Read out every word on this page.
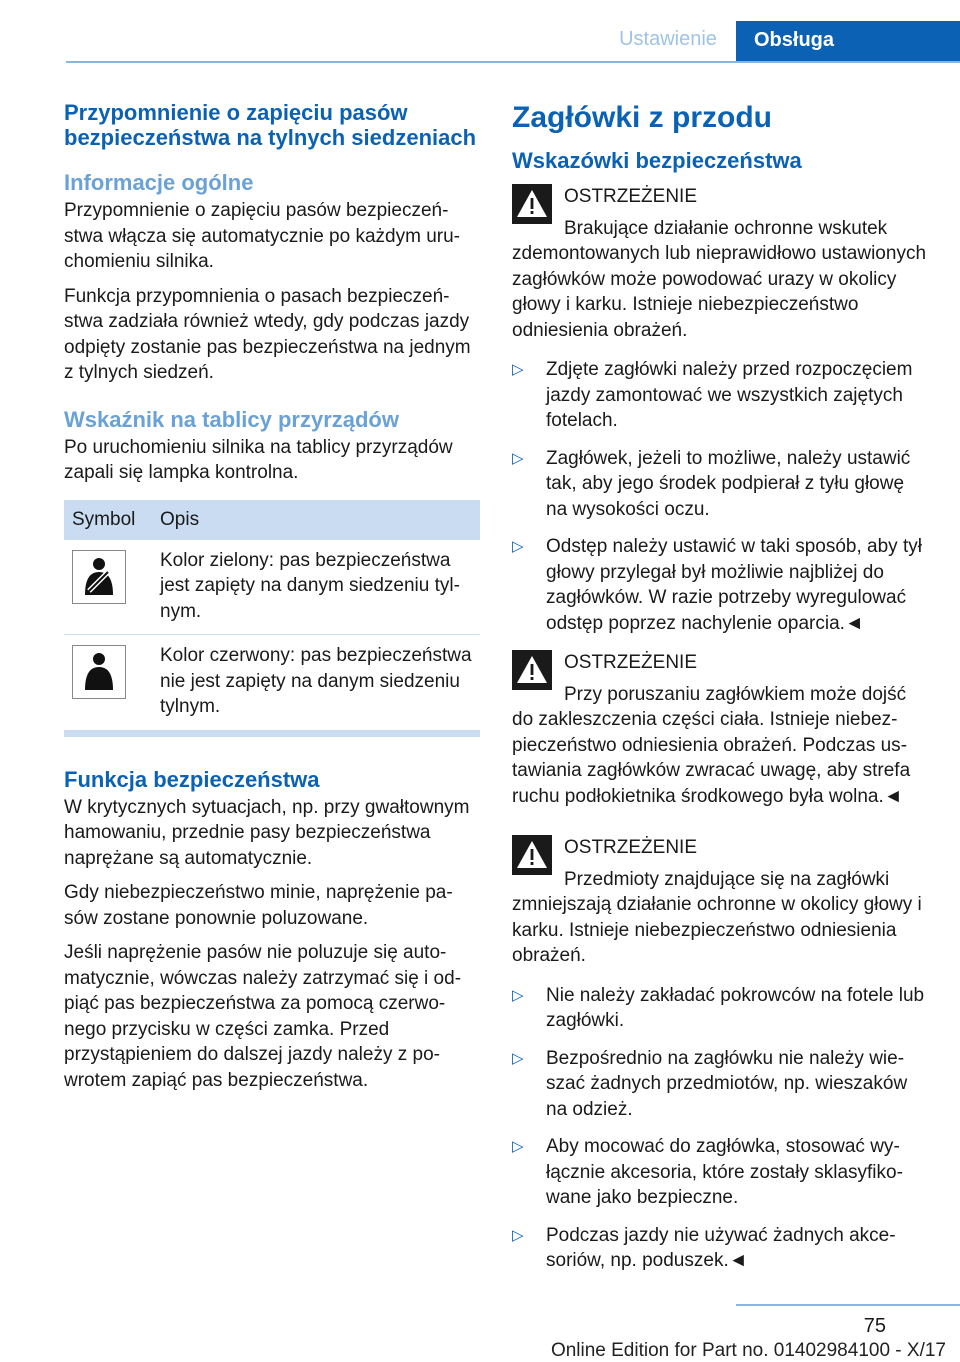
Ustawienie	Obsługa
Przypomnienie o zapięciu pasów bezpieczeństwa na tylnych siedzeniach
Informacje ogólne

Przypomnienie o zapięciu pasów bezpieczeństwa włącza się automatycznie po każdym uruchomieniu silnika.

Funkcja przypomnienia o pasach bezpieczeństwa zadziała również wtedy, gdy podczas jazdy odpięty zostanie pas bezpieczeństwa na jednym z tylnych siedzeń.

Wskaźnik na tablicy przyrządów

Po uruchomieniu silnika na tablicy przyrządów zapali się lampka kontrolna.

Symbol	Opis

	Kolor zielony: pas bezpieczeństwa jest zapięty na danym siedzeniu tylnym.

	Kolor czerwony: pas bezpieczeństwa nie jest zapięty na danym siedzeniu tylnym.
Funkcja bezpieczeństwa

W krytycznych sytuacjach, np. przy gwałtownym hamowaniu, przednie pasy bezpieczeństwa naprężane są automatycznie.

Gdy niebezpieczeństwo minie, naprężenie pasów zostane ponownie poluzowane.

Jeśli naprężenie pasów nie poluzuje się automatycznie, wówczas należy zatrzymać się i odpiąć pas bezpieczeństwa za pomocą czerwonego przycisku w części zamka. Przed przystąpieniem do dalszej jazdy należy z powrotem zapiąć pas bezpieczeństwa.

Zagłówki z przodu
Wskazówki bezpieczeństwa
OSTRZEŻENIE
Brakujące działanie ochronne wskutek
zdemontowanych lub nieprawidłowo ustawionych zagłówków może powodować urazy w okolicy głowy i karku. Istnieje niebezpieczeństwo odniesienia obrażeń.
▷ Zdjęte zagłówki należy przed rozpoczęciem jazdy zamontować we wszystkich zajętych fotelach.
▷ Zagłówek, jeżeli to możliwe, należy ustawić tak, aby jego środek podpierał z tyłu głowę na wysokości oczu.
▷ Odstęp należy ustawić w taki sposób, aby tył głowy przylegał był możliwie najbliżej do zagłówków. W razie potrzeby wyregulować odstęp poprzez nachylenie oparcia.◄
OSTRZEŻENIE
Przy poruszaniu zagłówkiem może dojść
do zakleszczenia części ciała. Istnieje niebezpieczeństwo odniesienia obrażeń. Podczas ustawiania zagłówków zwracać uwagę, aby strefa ruchu podłokietnika środkowego była wolna.◄
OSTRZEŻENIE
Przedmioty znajdujące się na zagłówki
zmniejszają działanie ochronne w okolicy głowy i karku. Istnieje niebezpieczeństwo odniesienia obrażeń.
▷ Nie należy zakładać pokrowców na fotele lub zagłówki.
▷ Bezpośrednio na zagłówku nie należy wieszać żadnych przedmiotów, np. wieszaków na odzież.
▷ Aby mocować do zagłówka, stosować wyłącznie akcesoria, które zostały sklasyfikowane jako bezpieczne.
▷ Podczas jazdy nie używać żadnych akcesoriów, np. poduszek.◄
75
Online Edition for Part no. 01402984100 - X/17
